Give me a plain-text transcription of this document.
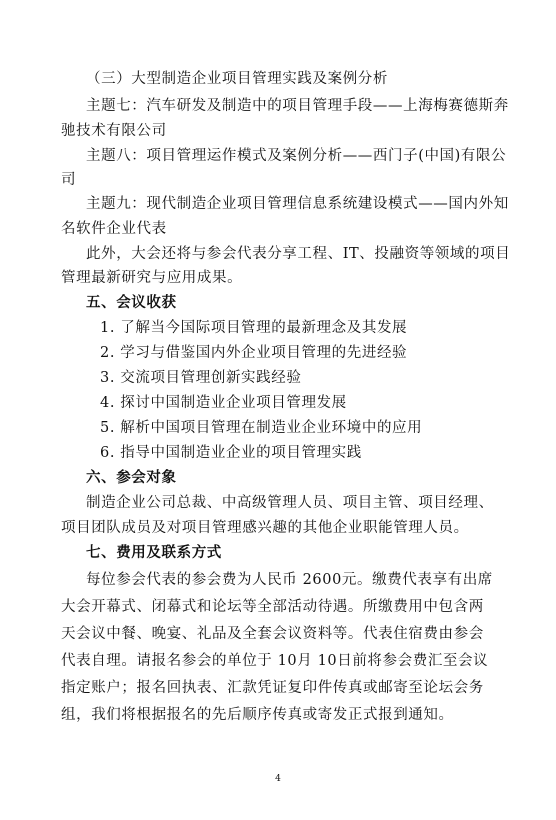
（三）大型制造企业项目管理实践及案例分析
主题七：汽车研发及制造中的项目管理手段——上海梅赛德斯奔
驰技术有限公司
主题八：项目管理运作模式及案例分析——西门子(中国)有限公
司
主题九：现代制造企业项目管理信息系统建设模式——国内外知
名软件企业代表
此外，大会还将与参会代表分享工程、IT、投融资等领域的项目
管理最新研究与应用成果。
五、会议收获
1. 了解当今国际项目管理的最新理念及其发展
2. 学习与借鉴国内外企业项目管理的先进经验
3. 交流项目管理创新实践经验
4. 探讨中国制造业企业项目管理发展
5. 解析中国项目管理在制造业企业环境中的应用
6. 指导中国制造业企业的项目管理实践
六、参会对象
制造企业公司总裁、中高级管理人员、项目主管、项目经理、
项目团队成员及对项目管理感兴趣的其他企业职能管理人员。
七、费用及联系方式
每位参会代表的参会费为人民币 2600元。缴费代表享有出席
大会开幕式、闭幕式和论坛等全部活动待遇。所缴费用中包含两
天会议中餐、晚宴、礼品及全套会议资料等。代表住宿费由参会
代表自理。请报名参会的单位于 10月 10日前将参会费汇至会议
指定账户；报名回执表、汇款凭证复印件传真或邮寄至论坛会务
组，我们将根据报名的先后顺序传真或寄发正式报到通知。
4
